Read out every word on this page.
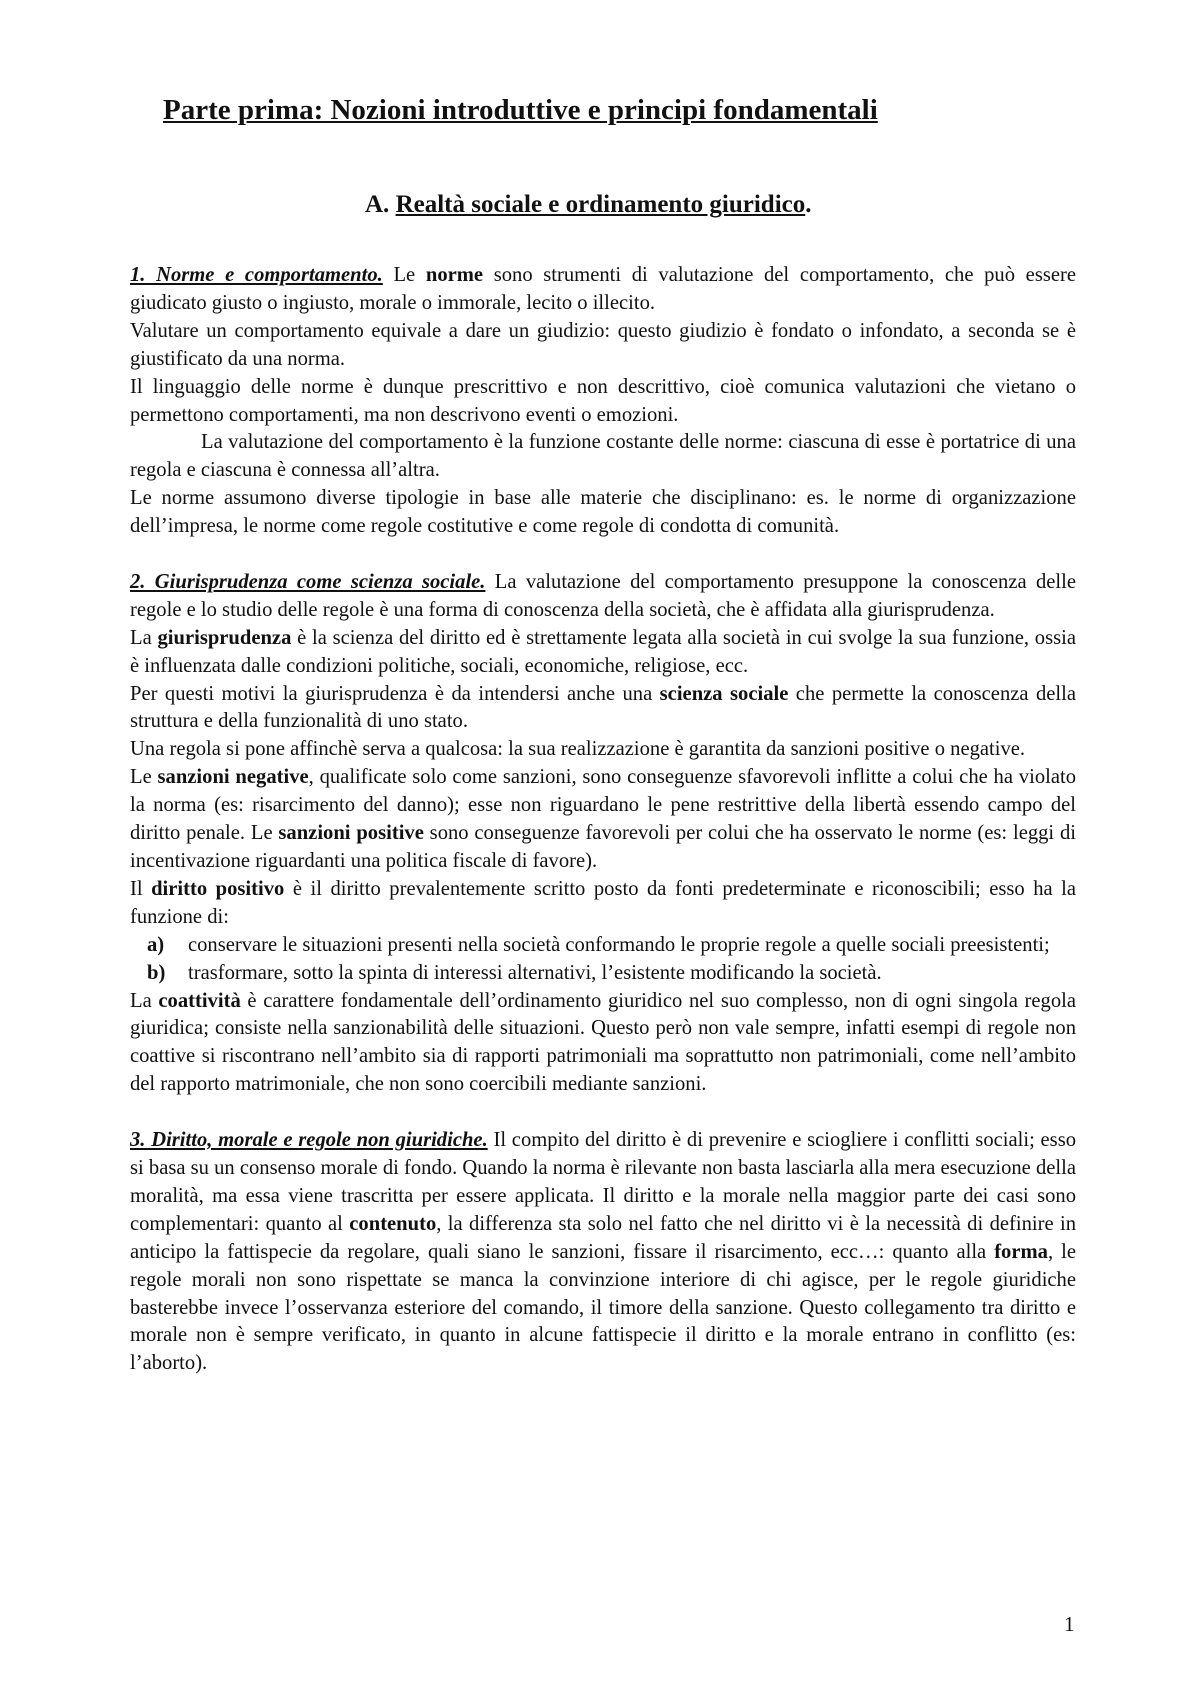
Parte prima: Nozioni introduttive e principi fondamentali
A. Realtà sociale e ordinamento giuridico.

1. Norme e comportamento. Le norme sono strumenti di valutazione del comportamento, che può essere giudicato giusto o ingiusto, morale o immorale, lecito o illecito.

Valutare un comportamento equivale a dare un giudizio: questo giudizio è fondato o infondato, a seconda se è giustificato da una norma.

Il linguaggio delle norme è dunque prescrittivo e non descrittivo, cioè comunica valutazioni che vietano o permettono comportamenti, ma non descrivono eventi o emozioni.

La valutazione del comportamento è la funzione costante delle norme: ciascuna di esse è portatrice di una regola e ciascuna è connessa all’altra.

Le norme assumono diverse tipologie in base alle materie che disciplinano: es. le norme di organizzazione dell’impresa, le norme come regole costitutive e come regole di condotta di comunità.

2. Giurisprudenza come scienza sociale. La valutazione del comportamento presuppone la conoscenza delle regole e lo studio delle regole è una forma di conoscenza della società, che è affidata alla giurisprudenza.

La giurisprudenza è la scienza del diritto ed è strettamente legata alla società in cui svolge la sua funzione, ossia è influenzata dalle condizioni politiche, sociali, economiche, religiose, ecc.

Per questi motivi la giurisprudenza è da intendersi anche una scienza sociale che permette la conoscenza della struttura e della funzionalità di uno stato.

Una regola si pone affinchè serva a qualcosa: la sua realizzazione è garantita da sanzioni positive o negative.

Le sanzioni negative, qualificate solo come sanzioni, sono conseguenze sfavorevoli inflitte a colui che ha violato la norma (es: risarcimento del danno); esse non riguardano le pene restrittive della libertà essendo campo del diritto penale. Le sanzioni positive sono conseguenze favorevoli per colui che ha osservato le norme (es: leggi di incentivazione riguardanti una politica fiscale di favore).

Il diritto positivo è il diritto prevalentemente scritto posto da fonti predeterminate e riconoscibili; esso ha la funzione di:

a)	conservare le situazioni presenti nella società conformando le proprie regole a quelle sociali preesistenti;
b)	trasformare, sotto la spinta di interessi alternativi, l’esistente modificando la società.

La coattività è carattere fondamentale dell’ordinamento giuridico nel suo complesso, non di ogni singola regola giuridica; consiste nella sanzionabilità delle situazioni. Questo però non vale sempre, infatti esempi di regole non coattive si riscontrano nell’ambito sia di rapporti patrimoniali ma soprattutto non patrimoniali, come nell’ambito del rapporto matrimoniale, che non sono coercibili mediante sanzioni.

3. Diritto, morale e regole non giuridiche. Il compito del diritto è di prevenire e sciogliere i conflitti sociali; esso si basa su un consenso morale di fondo. Quando la norma è rilevante non basta lasciarla alla mera esecuzione della moralità, ma essa viene trascritta per essere applicata. Il diritto e la morale nella maggior parte dei casi sono complementari: quanto al contenuto, la differenza sta solo nel fatto che nel diritto vi è la necessità di definire in anticipo la fattispecie da regolare, quali siano le sanzioni, fissare il risarcimento, ecc…: quanto alla forma, le regole morali non sono rispettate se manca la convinzione interiore di chi agisce, per le regole giuridiche basterebbe invece l’osservanza esteriore del comando, il timore della sanzione. Questo collegamento tra diritto e morale non è sempre verificato, in quanto in alcune fattispecie il diritto e la morale entrano in conflitto (es: l’aborto).

1
